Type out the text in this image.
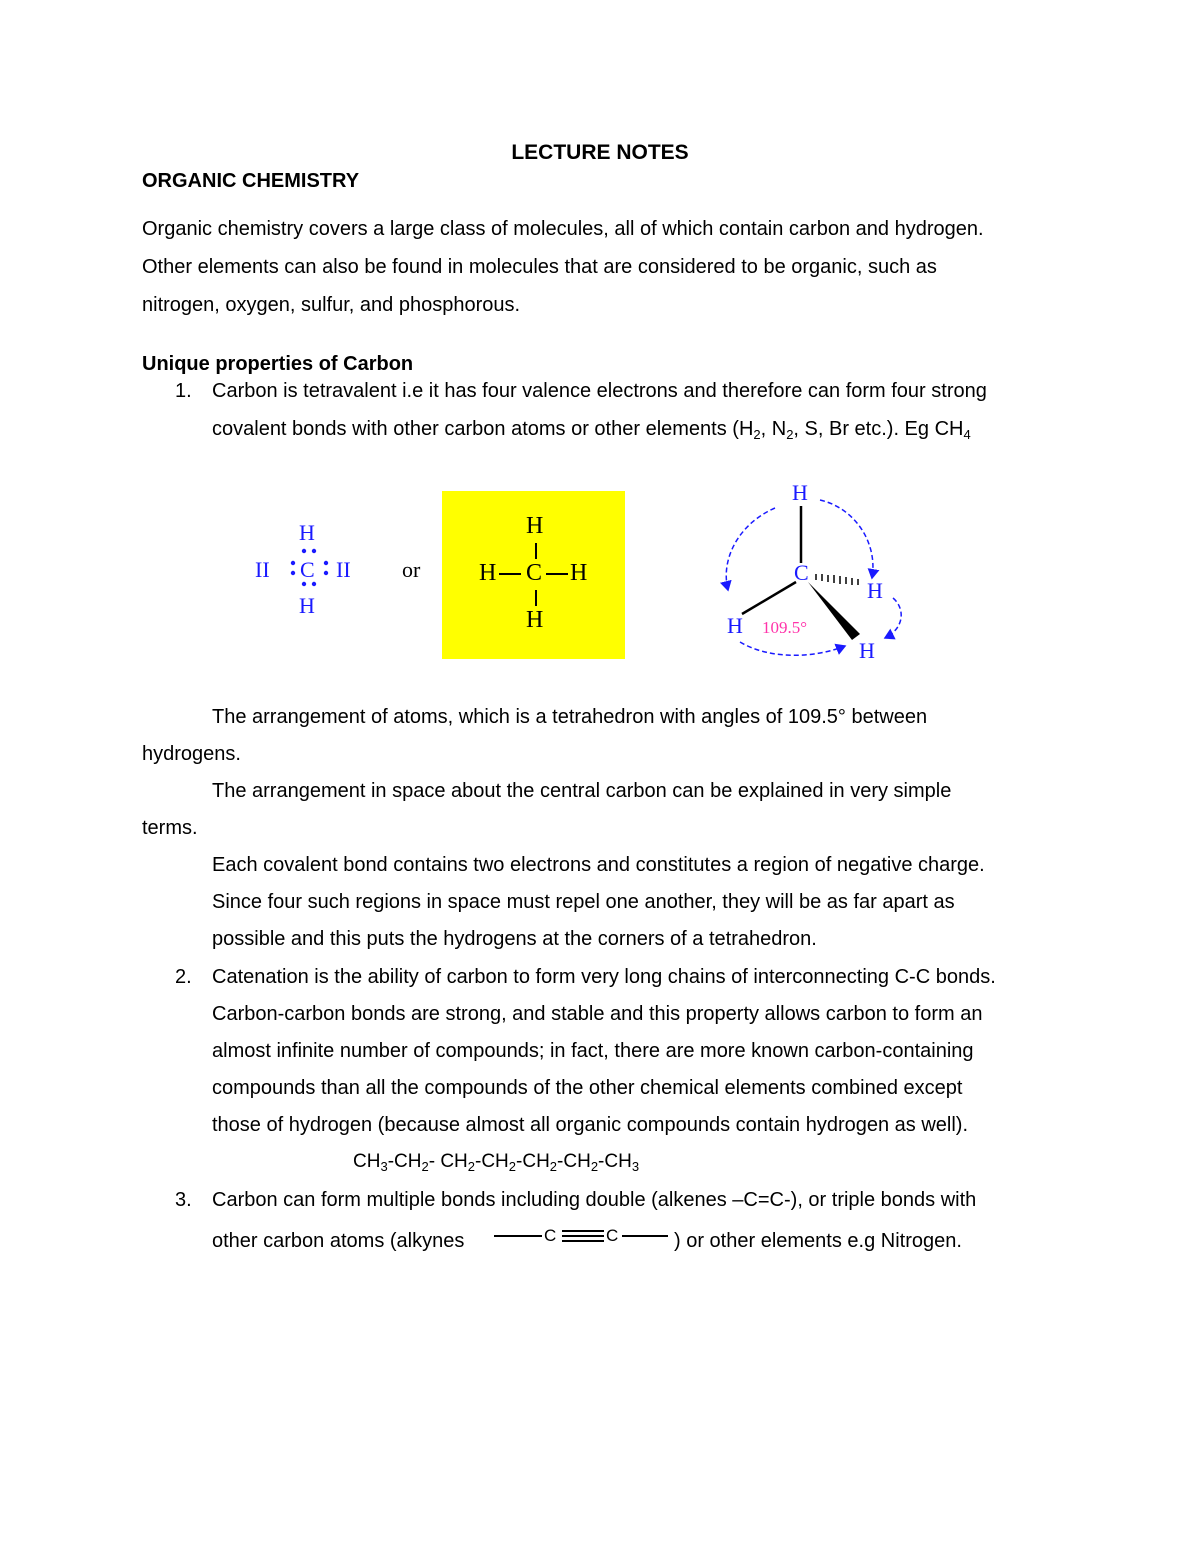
LECTURE NOTES
ORGANIC CHEMISTRY
Organic chemistry covers a large class of molecules, all of which contain carbon and hydrogen.
Other elements can also be found in molecules that are considered to be organic, such as
nitrogen, oxygen, sulfur, and phosphorous.
Unique properties of Carbon
1. Carbon is tetravalent i.e it has four valence electrons and therefore can form four strong
covalent bonds with other carbon atoms or other elements ($H_2$, $N_2$, S, Br etc.). Eg $CH_4$
H
II C II
H
or
H
H C H
H
H
C
H
H 109.5°
H
The arrangement of atoms, which is a tetrahedron with angles of 109.5° between
hydrogens.
The arrangement in space about the central carbon can be explained in very simple
terms.
Each covalent bond contains two electrons and constitutes a region of negative charge.
Since four such regions in space must repel one another, they will be as far apart as
possible and this puts the hydrogens at the corners of a tetrahedron.
2. Catenation is the ability of carbon to form very long chains of interconnecting C-C bonds.
Carbon-carbon bonds are strong, and stable and this property allows carbon to form an
almost infinite number of compounds; in fact, there are more known carbon-containing
compounds than all the compounds of the other chemical elements combined except
those of hydrogen (because almost all organic compounds contain hydrogen as well).
$CH_3-CH_2-$ $CH_2-CH_2-CH_2-CH_2-CH_3$
3. Carbon can form multiple bonds including double (alkenes –C=C-), or triple bonds with
other carbon atoms (alkynes	C	C	) or other elements e.g Nitrogen.
